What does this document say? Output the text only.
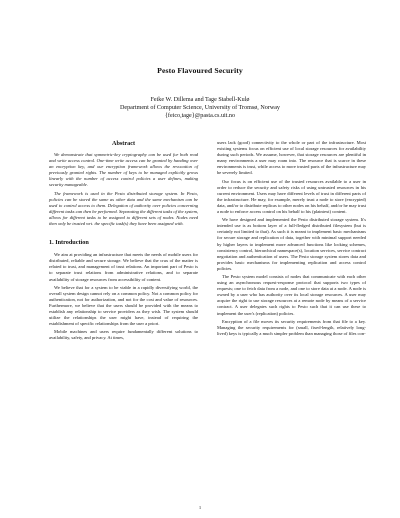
Pesto Flavoured Security
Feike W. Dillema and Tage Stabell-Kulø
Department of Computer Science, University of Tromsø, Norway
{feico,tage}@pasta.cs.uit.no
Abstract

We demonstrate that symmetric-key cryptography can be used for both read and write access control. One-time write access can be granted by handing over an encryption key, and our encryption framework allows the revocation of previously granted rights. The number of keys to be managed explicitly grows linearly with the number of access control policies a user defines, making security manageable.

The framework is used in the Pesto distributed storage system. In Pesto, policies can be stored the same as other data and the same mechanism can be used to control access to them. Delegation of authority over policies concerning different tasks can then be performed. Separating the different tasks of the system, allows for different tasks to be assigned to different sets of nodes. Nodes need then only be trusted wrt. the specific task(s) they have been assigned with.

1. Introduction

We aim at providing an infrastructure that meets the needs of mobile users for distributed, reliable and secure storage. We believe that the crux of the matter is related to trust, and management of trust relations. An important part of Pesto is to separate trust relations from administrative relations, and to separate availability of storage resources from accessibility of content.

We believe that for a system to be viable in a rapidly diversifying world, the overall system design cannot rely on a common policy. Not a common policy for authentication, not for authorization, and not for the cost and value of resources. Furthermore, we believe that the users should be provided with the means to establish any relationship to service providers as they wish. The system should utilize the relationships the user might have, instead of requiring the establishment of specific relationships from the user a priori.

Mobile machines and users require fundamentally different solutions to availability, safety, and privacy. At times,

users lack (good) connectivity to the whole or part of the infrastructure. Most existing systems focus on efficient use of local storage resources for availability during such periods. We assume, however, that storage resources are plentiful in many environments a user may roam into. The resource that is scarce in these environments is trust, while access to more trusted parts of the infrastructure may be severely limited.

Our focus is on efficient use of the trusted resources available to a user in order to reduce the security and safety risks of using untrusted resources in his current environment. Users may have different levels of trust in different parts of the infrastructure. He may, for example, merely trust a node to store (encrypted) data, and/or to distribute replicas to other nodes on his behalf, and/or he may trust a node to enforce access control on his behalf to his (plaintext) content.

We have designed and implemented the Pesto distributed storage system. It's intended use is as bottom layer of a full-fledged distributed filesystem (but is certainly not limited to that). As such it is meant to implement basic mechanisms for secure storage and replication of data, together with minimal support needed by higher layers to implement more advanced functions like locking schemes, consistency control, hierarchical namespace(s), location services, service contract negotiation and authentication of users. The Pesto storage system stores data and provides basic mechanisms for implementing replication and access control policies.

The Pesto system model consists of nodes that communicate with each other using an asynchronous request-response protocol that supports two types of requests; one to fetch data from a node, and one to store data at a node. A node is owned by a user who has authority over its local storage resources. A user may acquire the right to use storage resources at a remote node by means of a service contract. A user delegates such rights to Pesto such that it can use these to implement the user's (replication) policies.

Encryption of a file moves its security requirements from that file to a key. Managing the security requirements for (small, fixed-length, relatively long-lived) keys is typically a much simpler problem than managing those of files con-

1
